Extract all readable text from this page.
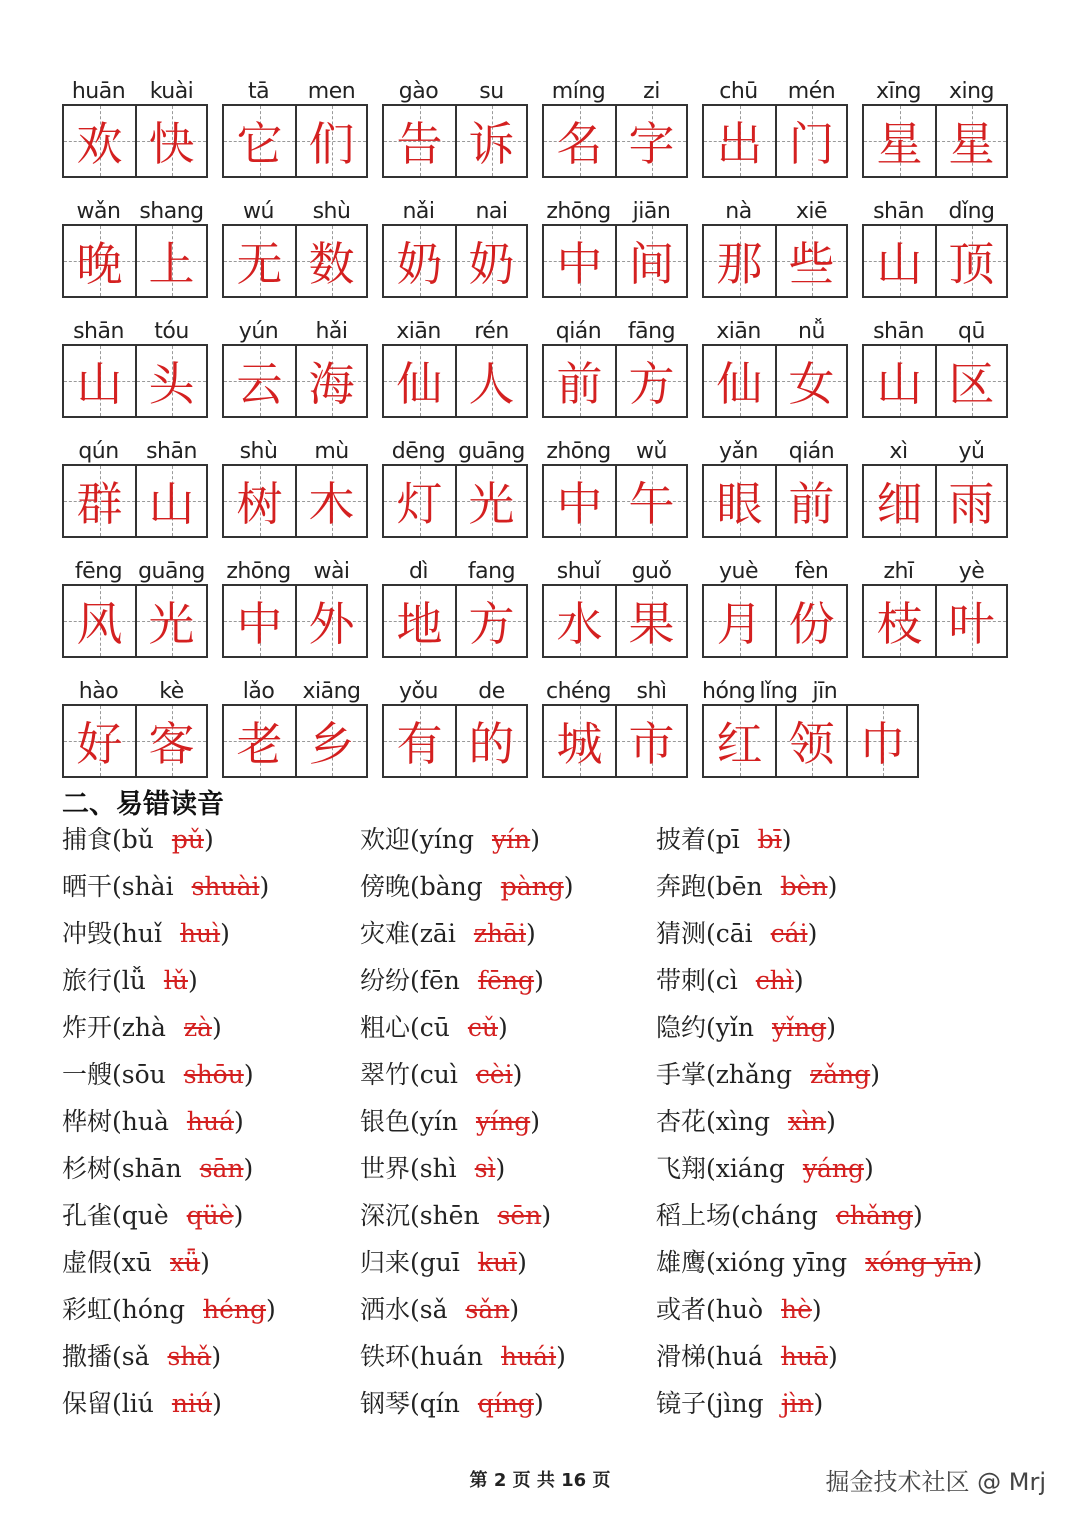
huān	kuài
欢 快
tā	men
它 们
gào	su
告 诉
míng	zi
名 字
chū	mén
出 门
xīng	xing
星 星
wǎn shang
晚 上
wú	shù
无 数
nǎi	nai
奶 奶
zhōng	jiān
中 间
nà	xiē
那 些
shān	dǐng
山 顶
shān	tóu
山 头
yún	hǎi
云 海
xiān	rén
仙 人
qián	fāng
前 方
xiān	nǚ
仙 女
shān	qū
山 区
qún	shān
群 山
shù	mù
树 木
dēng guāng
灯 光
zhōng	wǔ
中 午
yǎn	qián
眼 前
xì	yǔ
细 雨
fēng guāng
风 光
zhōng	wài
中 外
dì	fang
地 方
shuǐ	guǒ
水 果
yuè	fèn
月 份
zhī	yè
枝 叶
hào	kè
好 客
lǎo	xiāng
老 乡
yǒu	de
有 的
chéng	shì
城 市
hóng lǐng jīn
红 领 巾
二、易错读音
捕食(bǔ pǔ)	欢迎(yíng yín)	披着(pī bī)
晒干(shài shuài)	傍晚(bàng pàng)	奔跑(bēn bèn)
冲毁(huǐ huì)	灾难(zāi zhāi)	猜测(cāi cái)
旅行(lǚ lǔ)	纷纷(fēn fēng)	带刺(cì chì)
炸开(zhà zà)	粗心(cū cǔ)	隐约(yǐn yǐng)
一艘(sōu shōu)	翠竹(cuì cèi)	手掌(zhǎng zǎng)
桦树(huà huá)	银色(yín yíng)	杏花(xìng xìn)
杉树(shān sān)	世界(shì sì)	飞翔(xiáng yáng)
孔雀(què qüè)	深沉(shēn sēn)	稻上场(cháng chǎng)
虚假(xū xǖ)	归来(guī kuī)	雄鹰(xióng yīng xóng yīn)
彩虹(hóng héng)	洒水(sǎ sǎn)	或者(huò hè)
撒播(sǎ shǎ)	铁环(huán huái)	滑梯(huá huā)
保留(liú niú)	钢琴(qín qíng)	镜子(jìng jìn)
第 2 页 共 16 页	掘金技术社区 @ Mrj
